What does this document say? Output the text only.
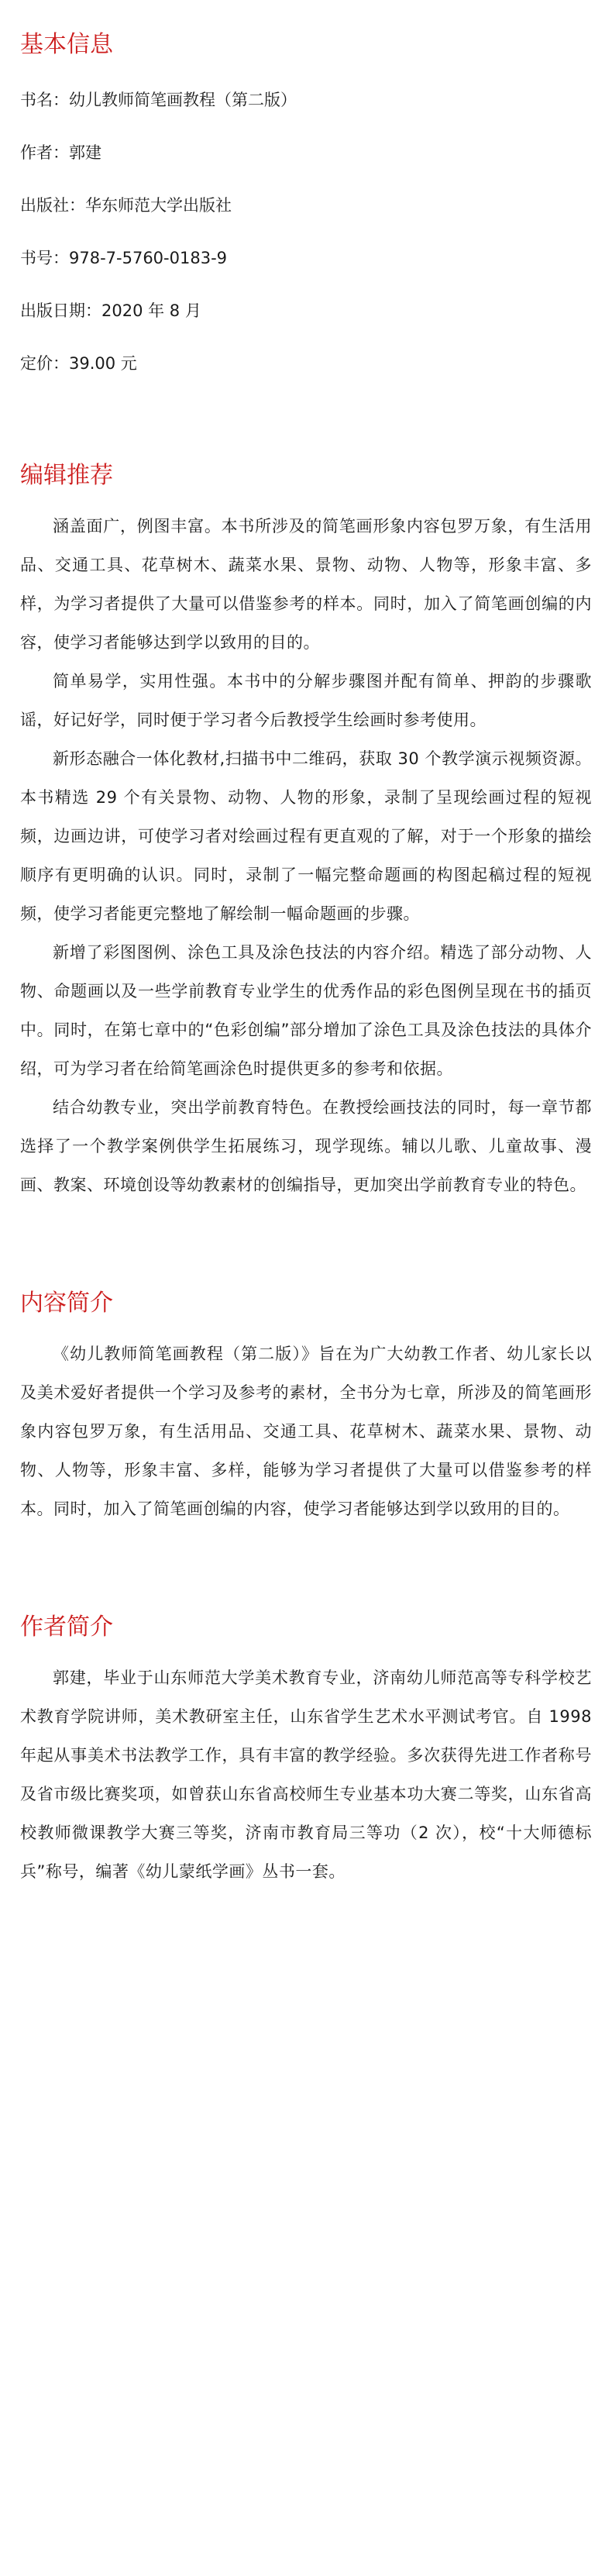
基本信息

书名：幼儿教师简笔画教程（第二版）

作者：郭建

出版社：华东师范大学出版社

书号：978-7-5760-0183-9

出版日期：2020 年 8 月

定价：39.00 元

编辑推荐

涵盖面广，例图丰富。本书所涉及的简笔画形象内容包罗万象，有生活用品、交通工具、花草树木、蔬菜水果、景物、动物、人物等，形象丰富、多样，为学习者提供了大量可以借鉴参考的样本。同时，加入了简笔画创编的内容，使学习者能够达到学以致用的目的。

简单易学，实用性强。本书中的分解步骤图并配有简单、押韵的步骤歌谣，好记好学，同时便于学习者今后教授学生绘画时参考使用。

新形态融合一体化教材,扫描书中二维码，获取 30 个教学演示视频资源。本书精选 29 个有关景物、动物、人物的形象，录制了呈现绘画过程的短视频，边画边讲，可使学习者对绘画过程有更直观的了解，对于一个形象的描绘顺序有更明确的认识。同时，录制了一幅完整命题画的构图起稿过程的短视频，使学习者能更完整地了解绘制一幅命题画的步骤。

新增了彩图图例、涂色工具及涂色技法的内容介绍。精选了部分动物、人物、命题画以及一些学前教育专业学生的优秀作品的彩色图例呈现在书的插页中。同时，在第七章中的“色彩创编”部分增加了涂色工具及涂色技法的具体介绍，可为学习者在给简笔画涂色时提供更多的参考和依据。

结合幼教专业，突出学前教育特色。在教授绘画技法的同时，每一章节都选择了一个教学案例供学生拓展练习，现学现练。辅以儿歌、儿童故事、漫画、教案、环境创设等幼教素材的创编指导，更加突出学前教育专业的特色。

内容简介

《幼儿教师简笔画教程（第二版）》旨在为广大幼教工作者、幼儿家长以及美术爱好者提供一个学习及参考的素材，全书分为七章，所涉及的简笔画形象内容包罗万象，有生活用品、交通工具、花草树木、蔬菜水果、景物、动物、人物等，形象丰富、多样，能够为学习者提供了大量可以借鉴参考的样本。同时，加入了简笔画创编的内容，使学习者能够达到学以致用的目的。

作者简介

郭建，毕业于山东师范大学美术教育专业，济南幼儿师范高等专科学校艺术教育学院讲师，美术教研室主任，山东省学生艺术水平测试考官。自 1998 年起从事美术书法教学工作，具有丰富的教学经验。多次获得先进工作者称号及省市级比赛奖项，如曾获山东省高校师生专业基本功大赛二等奖，山东省高校教师微课教学大赛三等奖，济南市教育局三等功（2 次），校“十大师德标兵”称号，编著《幼儿蒙纸学画》丛书一套。
